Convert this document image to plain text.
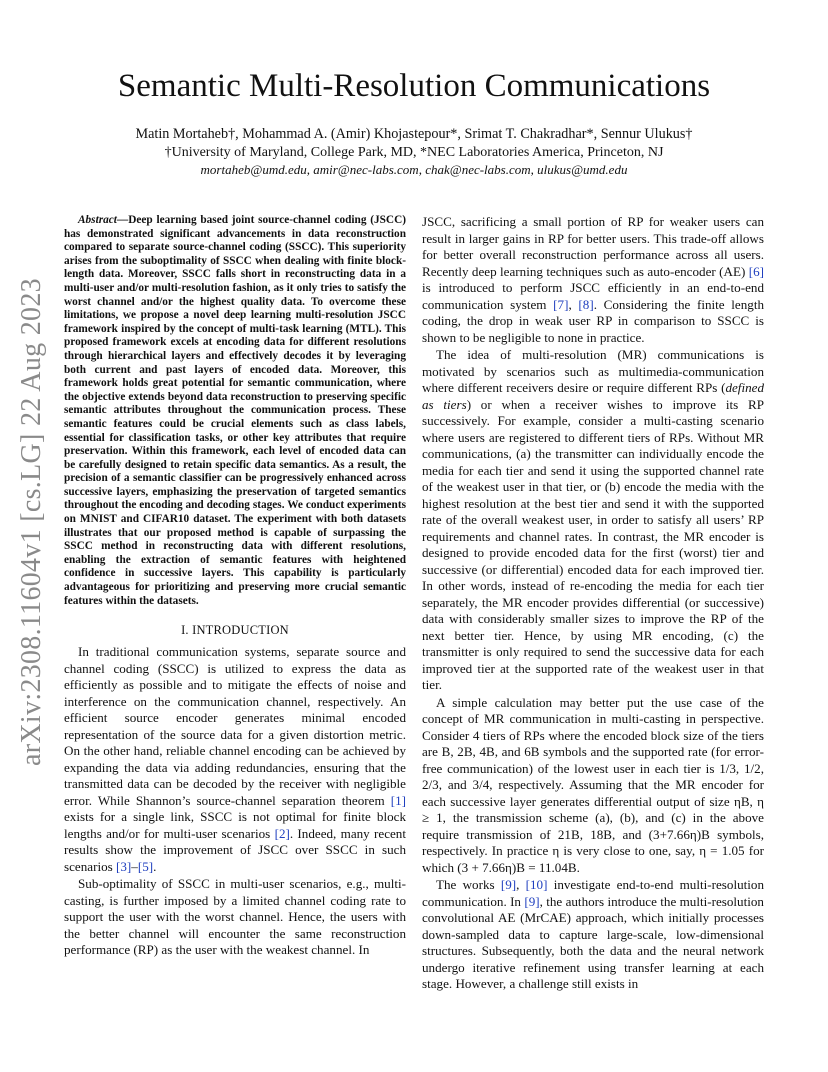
arXiv:2308.11604v1 [cs.LG] 22 Aug 2023
Semantic Multi-Resolution Communications
Matin Mortaheb†, Mohammad A. (Amir) Khojastepour*, Srimat T. Chakradhar*, Sennur Ulukus†
†University of Maryland, College Park, MD, *NEC Laboratories America, Princeton, NJ
mortaheb@umd.edu, amir@nec-labs.com, chak@nec-labs.com, ulukus@umd.edu

Abstract—Deep learning based joint source-channel coding (JSCC) has demonstrated significant advancements in data reconstruction compared to separate source-channel coding (SSCC). This superiority arises from the suboptimality of SSCC when dealing with finite block-length data. Moreover, SSCC falls short in reconstructing data in a multi-user and/or multi-resolution fashion, as it only tries to satisfy the worst channel and/or the highest quality data. To overcome these limitations, we propose a novel deep learning multi-resolution JSCC framework inspired by the concept of multi-task learning (MTL). This proposed framework excels at encoding data for different resolutions through hierarchical layers and effectively decodes it by leveraging both current and past layers of encoded data. Moreover, this framework holds great potential for semantic communication, where the objective extends beyond data reconstruction to preserving specific semantic attributes throughout the communication process. These semantic features could be crucial elements such as class labels, essential for classification tasks, or other key attributes that require preservation. Within this framework, each level of encoded data can be carefully designed to retain specific data semantics. As a result, the precision of a semantic classifier can be progressively enhanced across successive layers, emphasizing the preservation of targeted semantics throughout the encoding and decoding stages. We conduct experiments on MNIST and CIFAR10 dataset. The experiment with both datasets illustrates that our proposed method is capable of surpassing the SSCC method in reconstructing data with different resolutions, enabling the extraction of semantic features with heightened confidence in successive layers. This capability is particularly advantageous for prioritizing and preserving more crucial semantic features within the datasets.

I. INTRODUCTION

In traditional communication systems, separate source and channel coding (SSCC) is utilized to express the data as efficiently as possible and to mitigate the effects of noise and interference on the communication channel, respectively. An efficient source encoder generates minimal encoded representation of the source data for a given distortion metric. On the other hand, reliable channel encoding can be achieved by expanding the data via adding redundancies, ensuring that the transmitted data can be decoded by the receiver with negligible error. While Shannon’s source-channel separation theorem [1] exists for a single link, SSCC is not optimal for finite block lengths and/or for multi-user scenarios [2]. Indeed, many recent results show the improvement of JSCC over SSCC in such scenarios [3]–[5].

Sub-optimality of SSCC in multi-user scenarios, e.g., multi-casting, is further imposed by a limited channel coding rate to support the user with the worst channel. Hence, the users with the better channel will encounter the same reconstruction performance (RP) as the user with the weakest channel. In

JSCC, sacrificing a small portion of RP for weaker users can result in larger gains in RP for better users. This trade-off allows for better overall reconstruction performance across all users. Recently deep learning techniques such as auto-encoder (AE) [6] is introduced to perform JSCC efficiently in an end-to-end communication system [7], [8]. Considering the finite length coding, the drop in weak user RP in comparison to SSCC is shown to be negligible to none in practice.

The idea of multi-resolution (MR) communications is motivated by scenarios such as multimedia-communication where different receivers desire or require different RPs (defined as tiers) or when a receiver wishes to improve its RP successively. For example, consider a multi-casting scenario where users are registered to different tiers of RPs. Without MR communications, (a) the transmitter can individually encode the media for each tier and send it using the supported channel rate of the weakest user in that tier, or (b) encode the media with the highest resolution at the best tier and send it with the supported rate of the overall weakest user, in order to satisfy all users’ RP requirements and channel rates. In contrast, the MR encoder is designed to provide encoded data for the first (worst) tier and successive (or differential) encoded data for each improved tier. In other words, instead of re-encoding the media for each tier separately, the MR encoder provides differential (or successive) data with considerably smaller sizes to improve the RP of the next better tier. Hence, by using MR encoding, (c) the transmitter is only required to send the successive data for each improved tier at the supported rate of the weakest user in that tier.

A simple calculation may better put the use case of the concept of MR communication in multi-casting in perspective. Consider 4 tiers of RPs where the encoded block size of the tiers are B, 2B, 4B, and 6B symbols and the supported rate (for error-free communication) of the lowest user in each tier is 1/3, 1/2, 2/3, and 3/4, respectively. Assuming that the MR encoder for each successive layer generates differential output of size ηB, η ≥ 1, the transmission scheme (a), (b), and (c) in the above require transmission of 21B, 18B, and (3+7.66η)B symbols, respectively. In practice η is very close to one, say, η = 1.05 for which (3 + 7.66η)B = 11.04B.

The works [9], [10] investigate end-to-end multi-resolution communication. In [9], the authors introduce the multi-resolution convolutional AE (MrCAE) approach, which initially processes down-sampled data to capture large-scale, low-dimensional structures. Subsequently, both the data and the neural network undergo iterative refinement using transfer learning at each stage. However, a challenge still exists in
